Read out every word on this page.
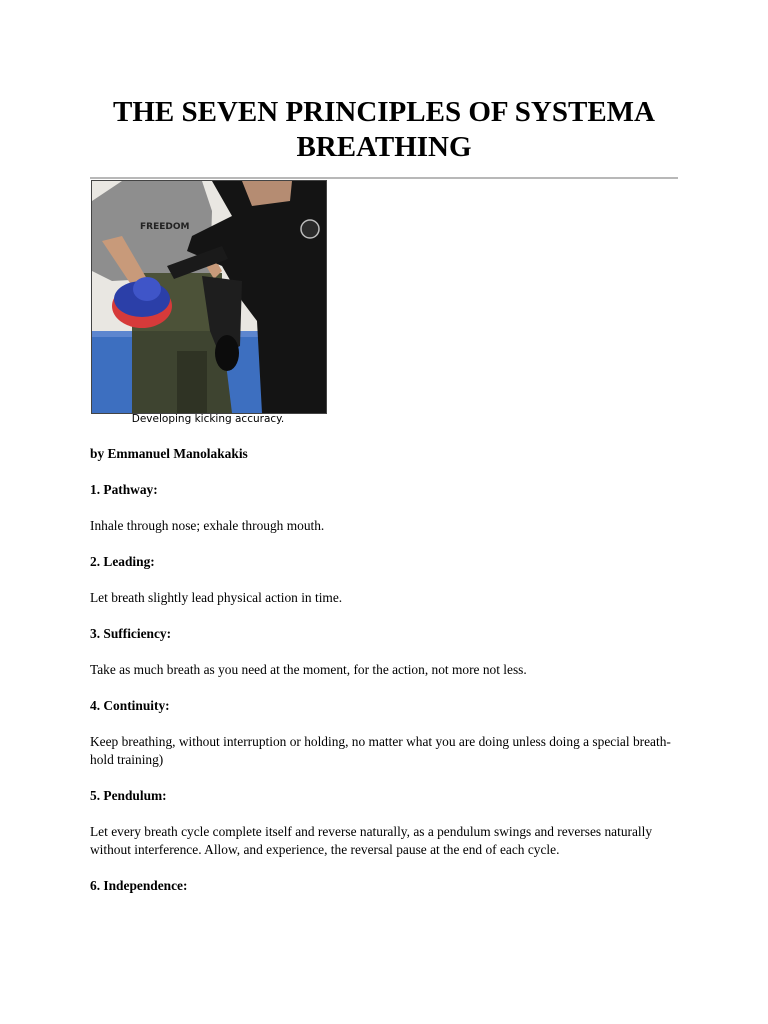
THE SEVEN PRINCIPLES OF SYSTEMA BREATHING
FREEDOM
Developing kicking accuracy.

by Emmanuel Manolakakis

1. Pathway:

Inhale through nose; exhale through mouth.

2. Leading:

Let breath slightly lead physical action in time.

3. Sufficiency:

Take as much breath as you need at the moment, for the action, not more not less.

4. Continuity:

Keep breathing, without interruption or holding, no matter what you are doing unless doing a special breath-hold training)

5. Pendulum:

Let every breath cycle complete itself and reverse naturally, as a pendulum swings and reverses naturally without interference. Allow, and experience, the reversal pause at the end of each cycle.

6. Independence:
